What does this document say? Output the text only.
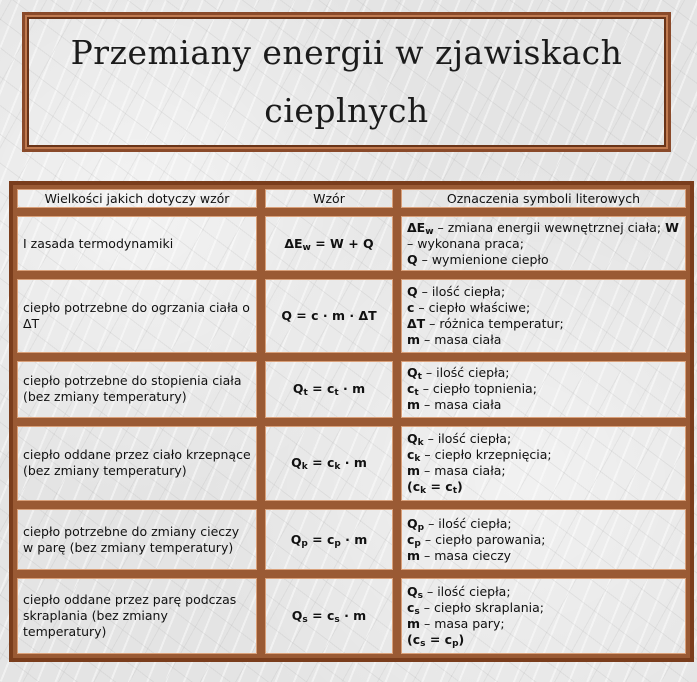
Przemiany energii w zjawiskach cieplnych
Wielkości jakich dotyczy wzór	Wzór	Oznaczenia symboli literowych
I zasada termodynamiki	$\Delta E_w = W + Q$	$\Delta E_w$ – zmiana energii wewnętrznej ciała; W – wykonana praca;
Q – wymienione ciepło

ciepło potrzebne do ogrzania ciała o ΔT	Q = c · m · ΔT	Q – ilość ciepła;
c – ciepło właściwe;
ΔT – różnica temperatur;
m – masa ciała

ciepło potrzebne do stopienia ciała (bez zmiany temperatury)	$Q_t = c_t \cdot m$	$Q_t$ – ilość ciepła;
$c_t$ – ciepło topnienia;
m – masa ciała

ciepło oddane przez ciało krzepnące (bez zmiany temperatury)	$Q_k = c_k \cdot m$	$Q_k$ – ilość ciepła;
$c_k$ – ciepło krzepnięcia;
m – masa ciała;
$(c_k = c_t)$

ciepło potrzebne do zmiany cieczy w parę (bez zmiany temperatury)	$Q_p = c_p \cdot m$	$Q_p$ – ilość ciepła;
$c_p$ – ciepło parowania;
m – masa cieczy

ciepło oddane przez parę podczas skraplania (bez zmiany temperatury)	$Q_s = c_s \cdot m$	$Q_s$ – ilość ciepła;
$c_s$ – ciepło skraplania;
m – masa pary;
$(c_s = c_p)$
